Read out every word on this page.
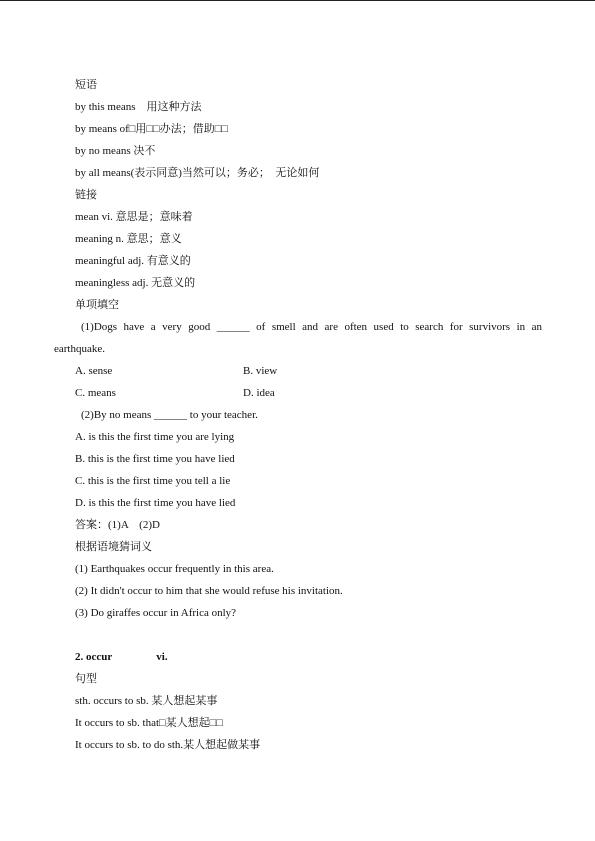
短语
by this means　用这种方法
by means of□用□□办法；借助□□
by no means 决不
by all means(表示同意)当然可以；务必；　无论如何
链接
mean vi. 意思是；意味着
meaning n. 意思；意义
meaningful adj. 有意义的
meaningless adj. 无意义的
单项填空
(1)Dogs have a very good ______ of smell and are often used to search for survivors in an
earthquake.
A. sense	B. view
C. means	D. idea
(2)By no means ______ to your teacher.
A. is this the first time you are lying
B. this is the first time you have lied
C. this is the first time you tell a lie
D. is this the first time you have lied
答案：(1)A　(2)D
根据语境猜词义
(1) Earthquakes occur frequently in this area.
(2) It didn't occur to him that she would refuse his invitation.
(3) Do giraffes occur in Africa only?
2. occur	vi.
句型
sth. occurs to sb. 某人想起某事
It occurs to sb. that□某人想起□□
It occurs to sb. to do sth.某人想起做某事
